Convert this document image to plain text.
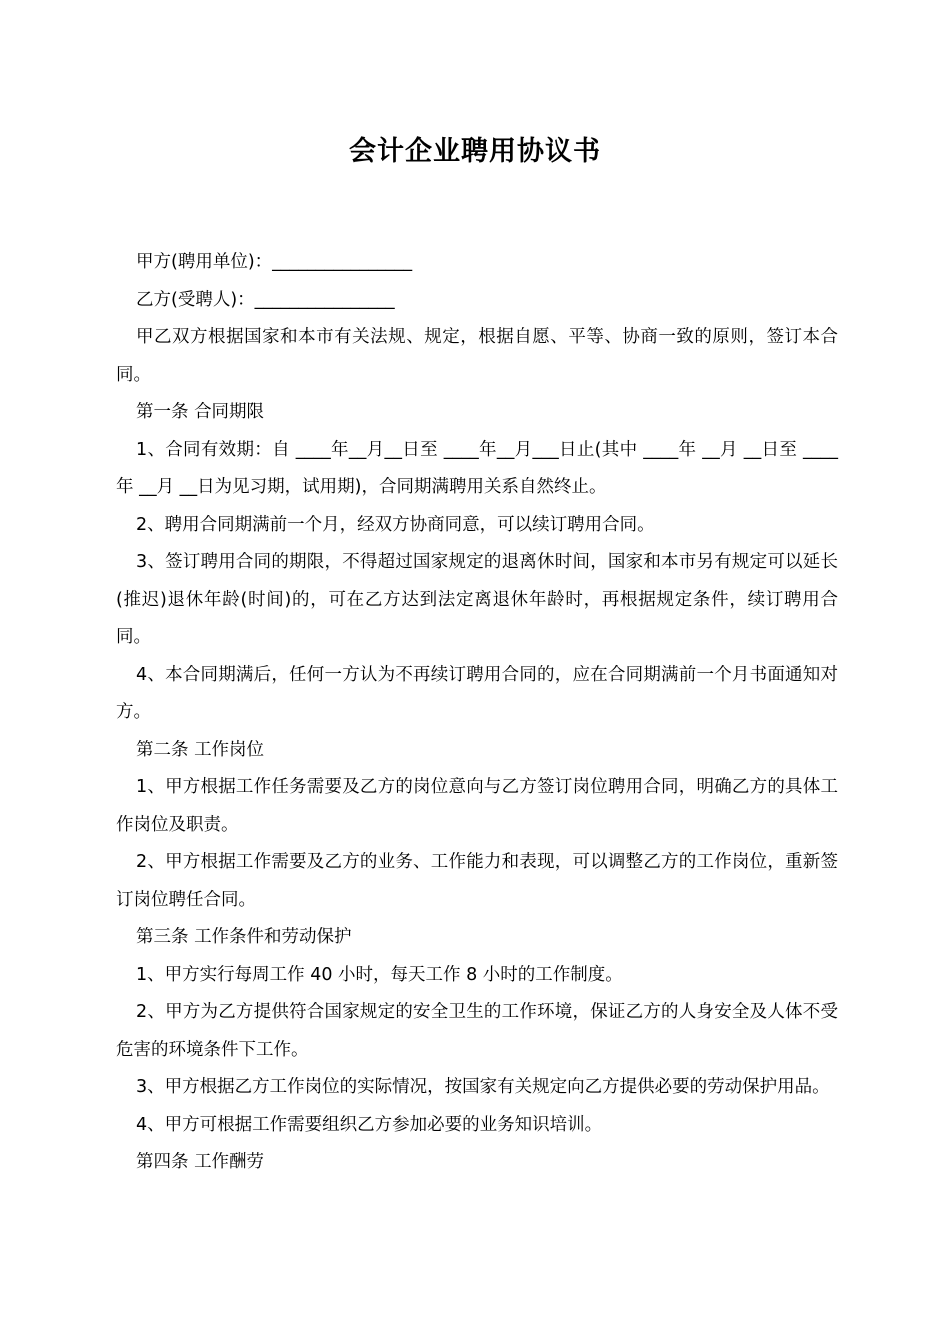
会计企业聘用协议书

甲方(聘用单位)：________________

乙方(受聘人)：________________

甲乙双方根据国家和本市有关法规、规定，根据自愿、平等、协商一致的原则，签订本合同。

第一条 合同期限

1、合同有效期：自 ____年__月__日至 ____年__月___日止(其中 ____年 __月 __日至 ____年 __月 __日为见习期，试用期)，合同期满聘用关系自然终止。

2、聘用合同期满前一个月，经双方协商同意，可以续订聘用合同。

3、签订聘用合同的期限，不得超过国家规定的退离休时间，国家和本市另有规定可以延长(推迟)退休年龄(时间)的，可在乙方达到法定离退休年龄时，再根据规定条件，续订聘用合同。

4、本合同期满后，任何一方认为不再续订聘用合同的，应在合同期满前一个月书面通知对方。

第二条 工作岗位

1、甲方根据工作任务需要及乙方的岗位意向与乙方签订岗位聘用合同，明确乙方的具体工作岗位及职责。

2、甲方根据工作需要及乙方的业务、工作能力和表现，可以调整乙方的工作岗位，重新签订岗位聘任合同。

第三条 工作条件和劳动保护

1、甲方实行每周工作 40 小时，每天工作 8 小时的工作制度。

2、甲方为乙方提供符合国家规定的安全卫生的工作环境，保证乙方的人身安全及人体不受危害的环境条件下工作。

3、甲方根据乙方工作岗位的实际情况，按国家有关规定向乙方提供必要的劳动保护用品。

4、甲方可根据工作需要组织乙方参加必要的业务知识培训。

第四条 工作酬劳
